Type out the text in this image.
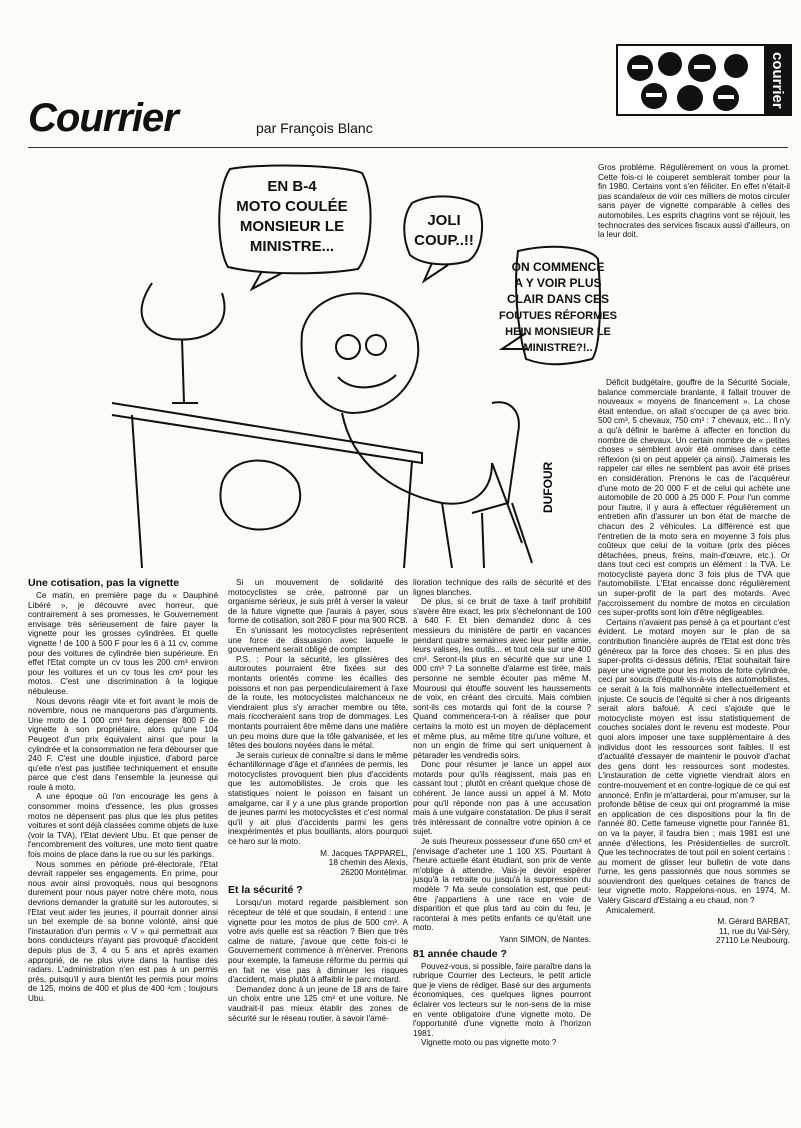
Courrier	par François Blanc
courrier
EN B-4
MOTO COULÉE
MONSIEUR LE
MINISTRE...
JOLI
COUP..!!
ON COMMENCE
A Y VOIR PLUS
CLAIR DANS CES
FOUTUES RÉFORMES
HEIN MONSIEUR LE
MINISTRE?!..
DUFOUR

Gros problème. Régulièrement on vous la promet. Cette fois-ci le couperet semblerait tomber pour la fin 1980. Certains vont s'en féliciter. En effet n'était-il pas scandaleux de voir ces milliers de motos circuler sans payer de vignette comparable à celles des automobiles. Les esprits chagrins vont se réjouir, les technocrates des services fiscaux aussi d'ailleurs, on la leur doit.

Déficit budgétaire, gouffre de la Sécurité Sociale, balance commerciale branlante, il fallait trouver de nouveaux « moyens de financement ». La chose était entendue, on allait s'occuper de ça avec brio. 500 cm³, 5 chevaux, 750 cm³ : 7 chevaux, etc... Il n'y a qu'à définir le barème à affecter en fonction du nombre de chevaux. Un certain nombre de « petites choses » semblent avoir été ommises dans cette réflexion (si on peut appeler ça ainsi). J'aimerais les rappeler car elles ne semblent pas avoir été prises en considération. Prenons le cas de l'acquéreur d'une moto de 20 000 F et de celui qui achète une automobile de 20 000 à 25 000 F. Pour l'un comme pour l'autre, il y aura à effectuer régulièrement un entretien afin d'assurer un bon état de marche de chacun des 2 véhicules. La différence est que l'entretien de la moto sera en moyenne 3 fois plus coûteux que celui de la voiture (prix des pièces détachées, pneus, freins, main-d'œuvre, etc.). Or dans tout ceci est compris un élément : la TVA. Le motocycliste payera donc 3 fois plus de TVA que l'automobiliste. L'Etat encaisse donc régulièrement un super-profit de la part des motards. Avec l'accroissement du nombre de motos en circulation ces super-profits sont loin d'être négligeables.

Certains n'avaient pas pensé à ça et pourtant c'est évident. Le motard moyen sur le plan de sa contribution financière auprès de l'Etat est donc très généreux par la force des choses. Si en plus des super-profits ci-dessus définis, l'Etat souhaitait faire payer une vignette pour les motos de forte cylindrée, ceci par soucis d'équité vis-à-vis des automobilistes, ce serait à la fois malhonnête intellectuellement et injuste. Ce soucis de l'équité si cher à nos dirigeants serait alors bafoué. A ceci s'ajoute que le motocycliste moyen est issu statistiquement de couches sociales dont le revenu est modeste. Pour quoi alors imposer une taxe supplémentaire à des individus dont les ressources sont faibles. Il est d'actualité d'essayer de maintenir le pouvoir d'achat des gens dont les ressources sont modestes. L'instauration de cette vignette viendrait alors en contre-mouvement et en contre-logique de ce qui est annoncé. Enfin je m'attarderai, pour m'amuser, sur la profonde bêtise de ceux qui ont programmé la mise en application de ces dispositions pour la fin de l'année 80. Cette fameuse vignette pour l'année 81, on va la payer, il faudra bien ; mais 1981 est une année d'élections, les Présidentielles de surcroît. Que les technocrates de tout poil en soient certains : au moment de glisser leur bulletin de vote dans l'urne, les gens passionnés que nous sommes se souviendront des quelques cetaines de francs de leur vignette moto. Rappelons-nous, en 1974, M. Valéry Giscard d'Estaing a eu chaud, non ?

Amicalement.

M. Gérard BARBAT,
11, rue du Val-Séry,
27110 Le Neubourg.
Une cotisation, pas la vignette

Ce matin, en première page du « Dauphiné Libéré », je découvre avec horreur, que contrairement à ses promesses, le Gouvernement envisage très sérieusement de faire payer la vignette pour les grosses cylindrées. Et quelle vignette ! de 100 à 500 F pour les 6 à 11 cv, comme pour des voitures de cylindrée bien supérieure. En effet l'Etat compte un cv tous les 200 cm³ environ pour les voitures et un cv tous les cm³ pour les motos. C'est une discrimination à la logique nébuleuse.

Nous devons réagir vite et fort avant le mois de novembre, nous ne manquerons pas d'arguments. Une moto de 1 000 cm³ fera dépenser 800 F de vignette à son propriétaire, alors qu'une 104 Peugeot d'un prix équivalent ainsi que pour la cylindrée et la consommation ne fera débourser que 240 F. C'est une double injustice, d'abord parce qu'elle n'est pas justifiée techniquement et ensuite parce que c'est dans l'ensemble la jeunesse qui roule à moto.

A une époque où l'on encourage les gens à consommer moins d'essence, les plus grosses motos ne dépensent pas plus que les plus petites voitures et sont déjà classées comme objets de luxe (voir la TVA), l'Etat devient Ubu. Et que penser de l'encombrement des voitures, une moto tient quatre fois moins de place dans la rue ou sur les parkings.

Nous sommes en période pré-électorale, l'Etat devrait rappeler ses engagements. En prime, pour nous avoir ainsi provoqués, nous qui besognons durement pour nous payer notre chère moto, nous devrions demander la gratuité sur les autoroutes, si l'Etat veut aider les jeunes, il pourrait donner ainsi un bel exemple de sa bonne volonté, ainsi que l'instauration d'un permis « V » qui permettrait aux bons conducteurs n'ayant pas provoqué d'accident depuis plus de 3, 4 ou 5 ans et après examen approprié, de ne plus vivre dans la hantise des radars. L'administration n'en est pas à un permis près, puisqu'il y aura bientôt les permis pour moins de 125, moins de 400 et plus de 400 ³cm ; toujours Ubu.

Si un mouvement de solidarité des motocyclistes se crée, patronné par un organisme sérieux, je suis prêt à verser la valeur de la future vignette que j'aurais à payer, sous forme de cotisation, soit 280 F pour ma 900 RCB.

En s'unissant les motocyclistes représentent une force de dissuasion avec laquelle le gouvernement serait obligé de compter.

P.S. : Pour la sécurité, les glissières des autoroutes pourraient être fixées sur des montants orientés comme les écailles des poissons et non pas perpendiculairement à l'axe de la route, les motocyclistes malchanceux ne viendraient plus s'y arracher membre ou tête, mais ricocheraient sans trop de dommages. Les montants pourraient être même dans une matière un peu moins dure que la tôle galvanisée, et les têtes des boulons noyées dans le métal.

Je serais curieux de connaître si dans le même échantillonnage d'âge et d'années de permis, les motocyclistes provoquent bien plus d'accidents que les automobilistes. Je crois que les statistiques noient le poisson en faisant un amalgame, car il y a une plus grande proportion de jeunes parmi les motocyclistes et c'est normal qu'il y ait plus d'accidents parmi les gens inexpérimentés et plus bouillants, alors pourquoi ce haro sur la moto.

M. Jacques TAPPAREL,
18 chemin des Alexis,
26200 Montélimar.
Et la sécurité ?

Lorsqu'un motard regarde paisiblement son récepteur de télé et que soudain, il entend : une vignette pour les motos de plus de 500 cm³. A votre avis quelle est sa réaction ? Bien que très calme de nature, j'avoue que cette fois-ci le Gouvernement commence à m'énerver. Prenons pour exemple, la fameuse réforme du permis qui en fait ne vise pas à diminuer les risques d'accident, mais plutôt à affaiblir le parc motard.

Demandez donc à un jeune de 18 ans de faire un choix entre une 125 cm³ et une voiture. Ne vaudrait-il pas mieux établir des zones de sécurité sur le réseau routier, à savoir l'amé-

lioration technique des rails de sécurité et des lignes blanches.

De plus, si ce bruit de taxe à tarif prohibitif s'avère être exact, les prix s'échelonnant de 100 à 640 F. Et bien demandez donc à ces messieurs du ministère de partir en vacances pendant quatre semaines avec leur petite amie, leurs valises, les outils... et tout cela sur une 400 cm³. Seront-ils plus en sécurité que sur une 1 000 cm³ ? La sonnette d'alarme est tirée, mais personne ne semble écouter pas même M. Mourousi qui étouffe souvent les haussements de voix, en créant des circuits. Mais combien sont-ils ces motards qui font de la course ? Quand commencera-t-on à réaliser que pour certains la moto est un moyen de déplacement et même plus, au même titre qu'une voiture, et non un engin de frime qui sert uniquement à pétarader les vendredis soirs.

Donc pour résumer je lance un appel aux motards pour qu'ils réagissent, mais pas en cassant tout ; plutôt en créant quelque chose de cohérent. Je lance aussi un appel à M. Moto pour qu'il réponde non pas à une accusation mais à une vulgaire constatation. De plus il serait très intéressant de connaître votre opinion à ce sujet.

Je suis l'heureux possesseur d'une 650 cm³ et j'envisage d'acheter une 1 100 XS. Pourtant à l'heure actuelle étant étudiant, son prix de vente m'oblige à attendre. Vais-je devoir espérer jusqu'à la retraite ou jusqu'à la suppression du modèle ? Ma seule consolation est, que peut-être j'appartiens à une race en voie de disparition et que plus tard au coin du feu, je raconterai à mes petits enfants ce qu'était une moto.

Yann SIMON, de Nantes.
81 année chaude ?

Pouvez-vous, si possible, faire paraître dans la rubrique Courrier des Lecteurs, le petit article que je viens de rédiger. Basé sur des arguments économiques, ces quelques lignes pourront éclairer vos lecteurs sur le non-sens de la mise en vente obligatoire d'une vignette moto. De l'opportunité d'une vignette moto à l'horizon 1981.

Vignette moto ou pas vignette moto ?
